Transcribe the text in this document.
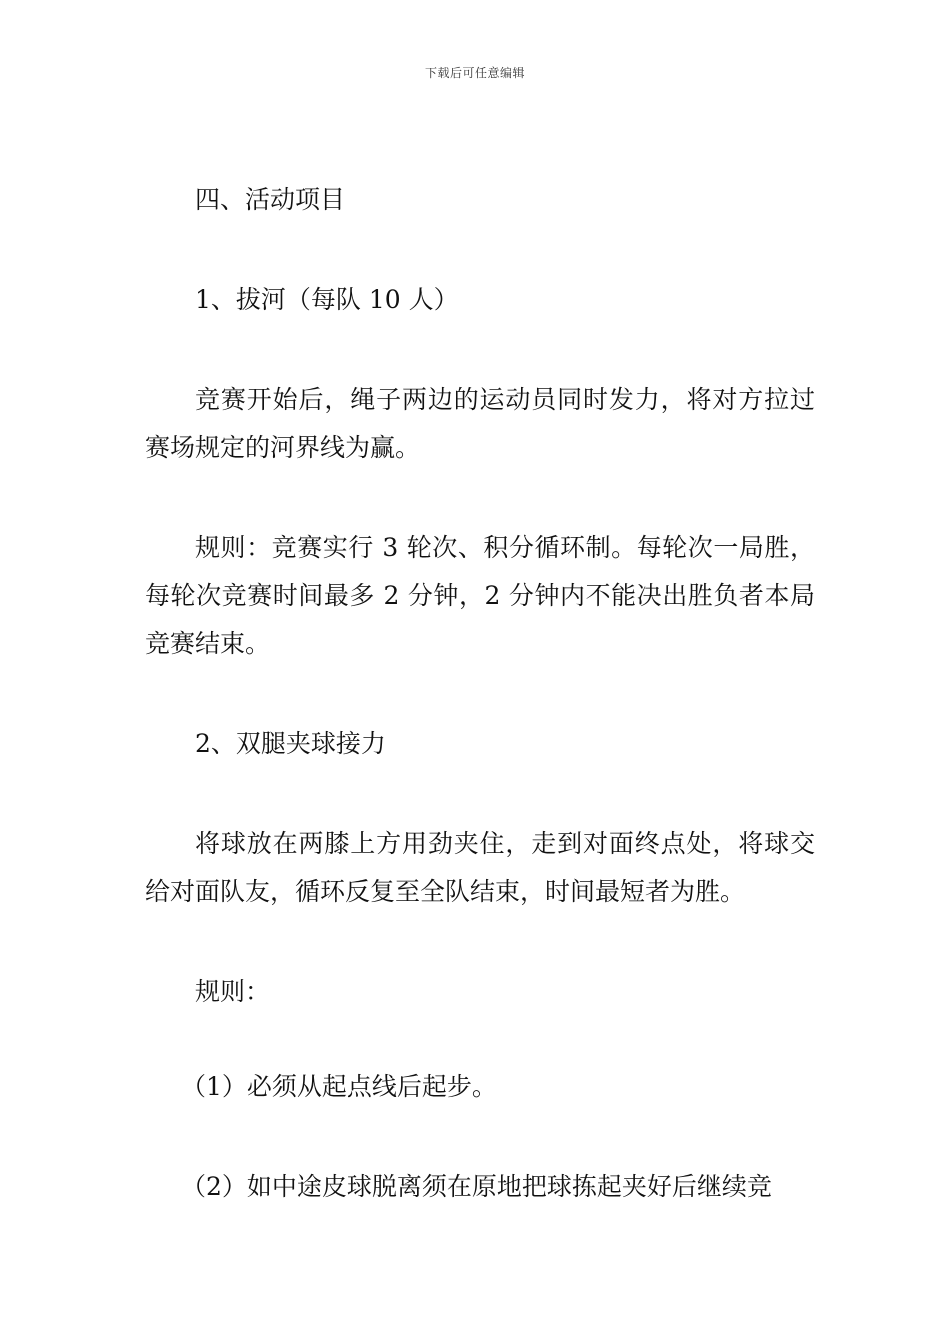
下载后可任意编辑

四、活动项目

1、拔河（每队 10 人）

竞赛开始后，绳子两边的运动员同时发力，将对方拉过赛场规定的河界线为赢。

规则：竞赛实行 3 轮次、积分循环制。每轮次一局胜，每轮次竞赛时间最多 2 分钟，2 分钟内不能决出胜负者本局竞赛结束。

2、双腿夹球接力

将球放在两膝上方用劲夹住，走到对面终点处，将球交给对面队友，循环反复至全队结束，时间最短者为胜。

规则：

（1）必须从起点线后起步。

（2）如中途皮球脱离须在原地把球拣起夹好后继续竞
